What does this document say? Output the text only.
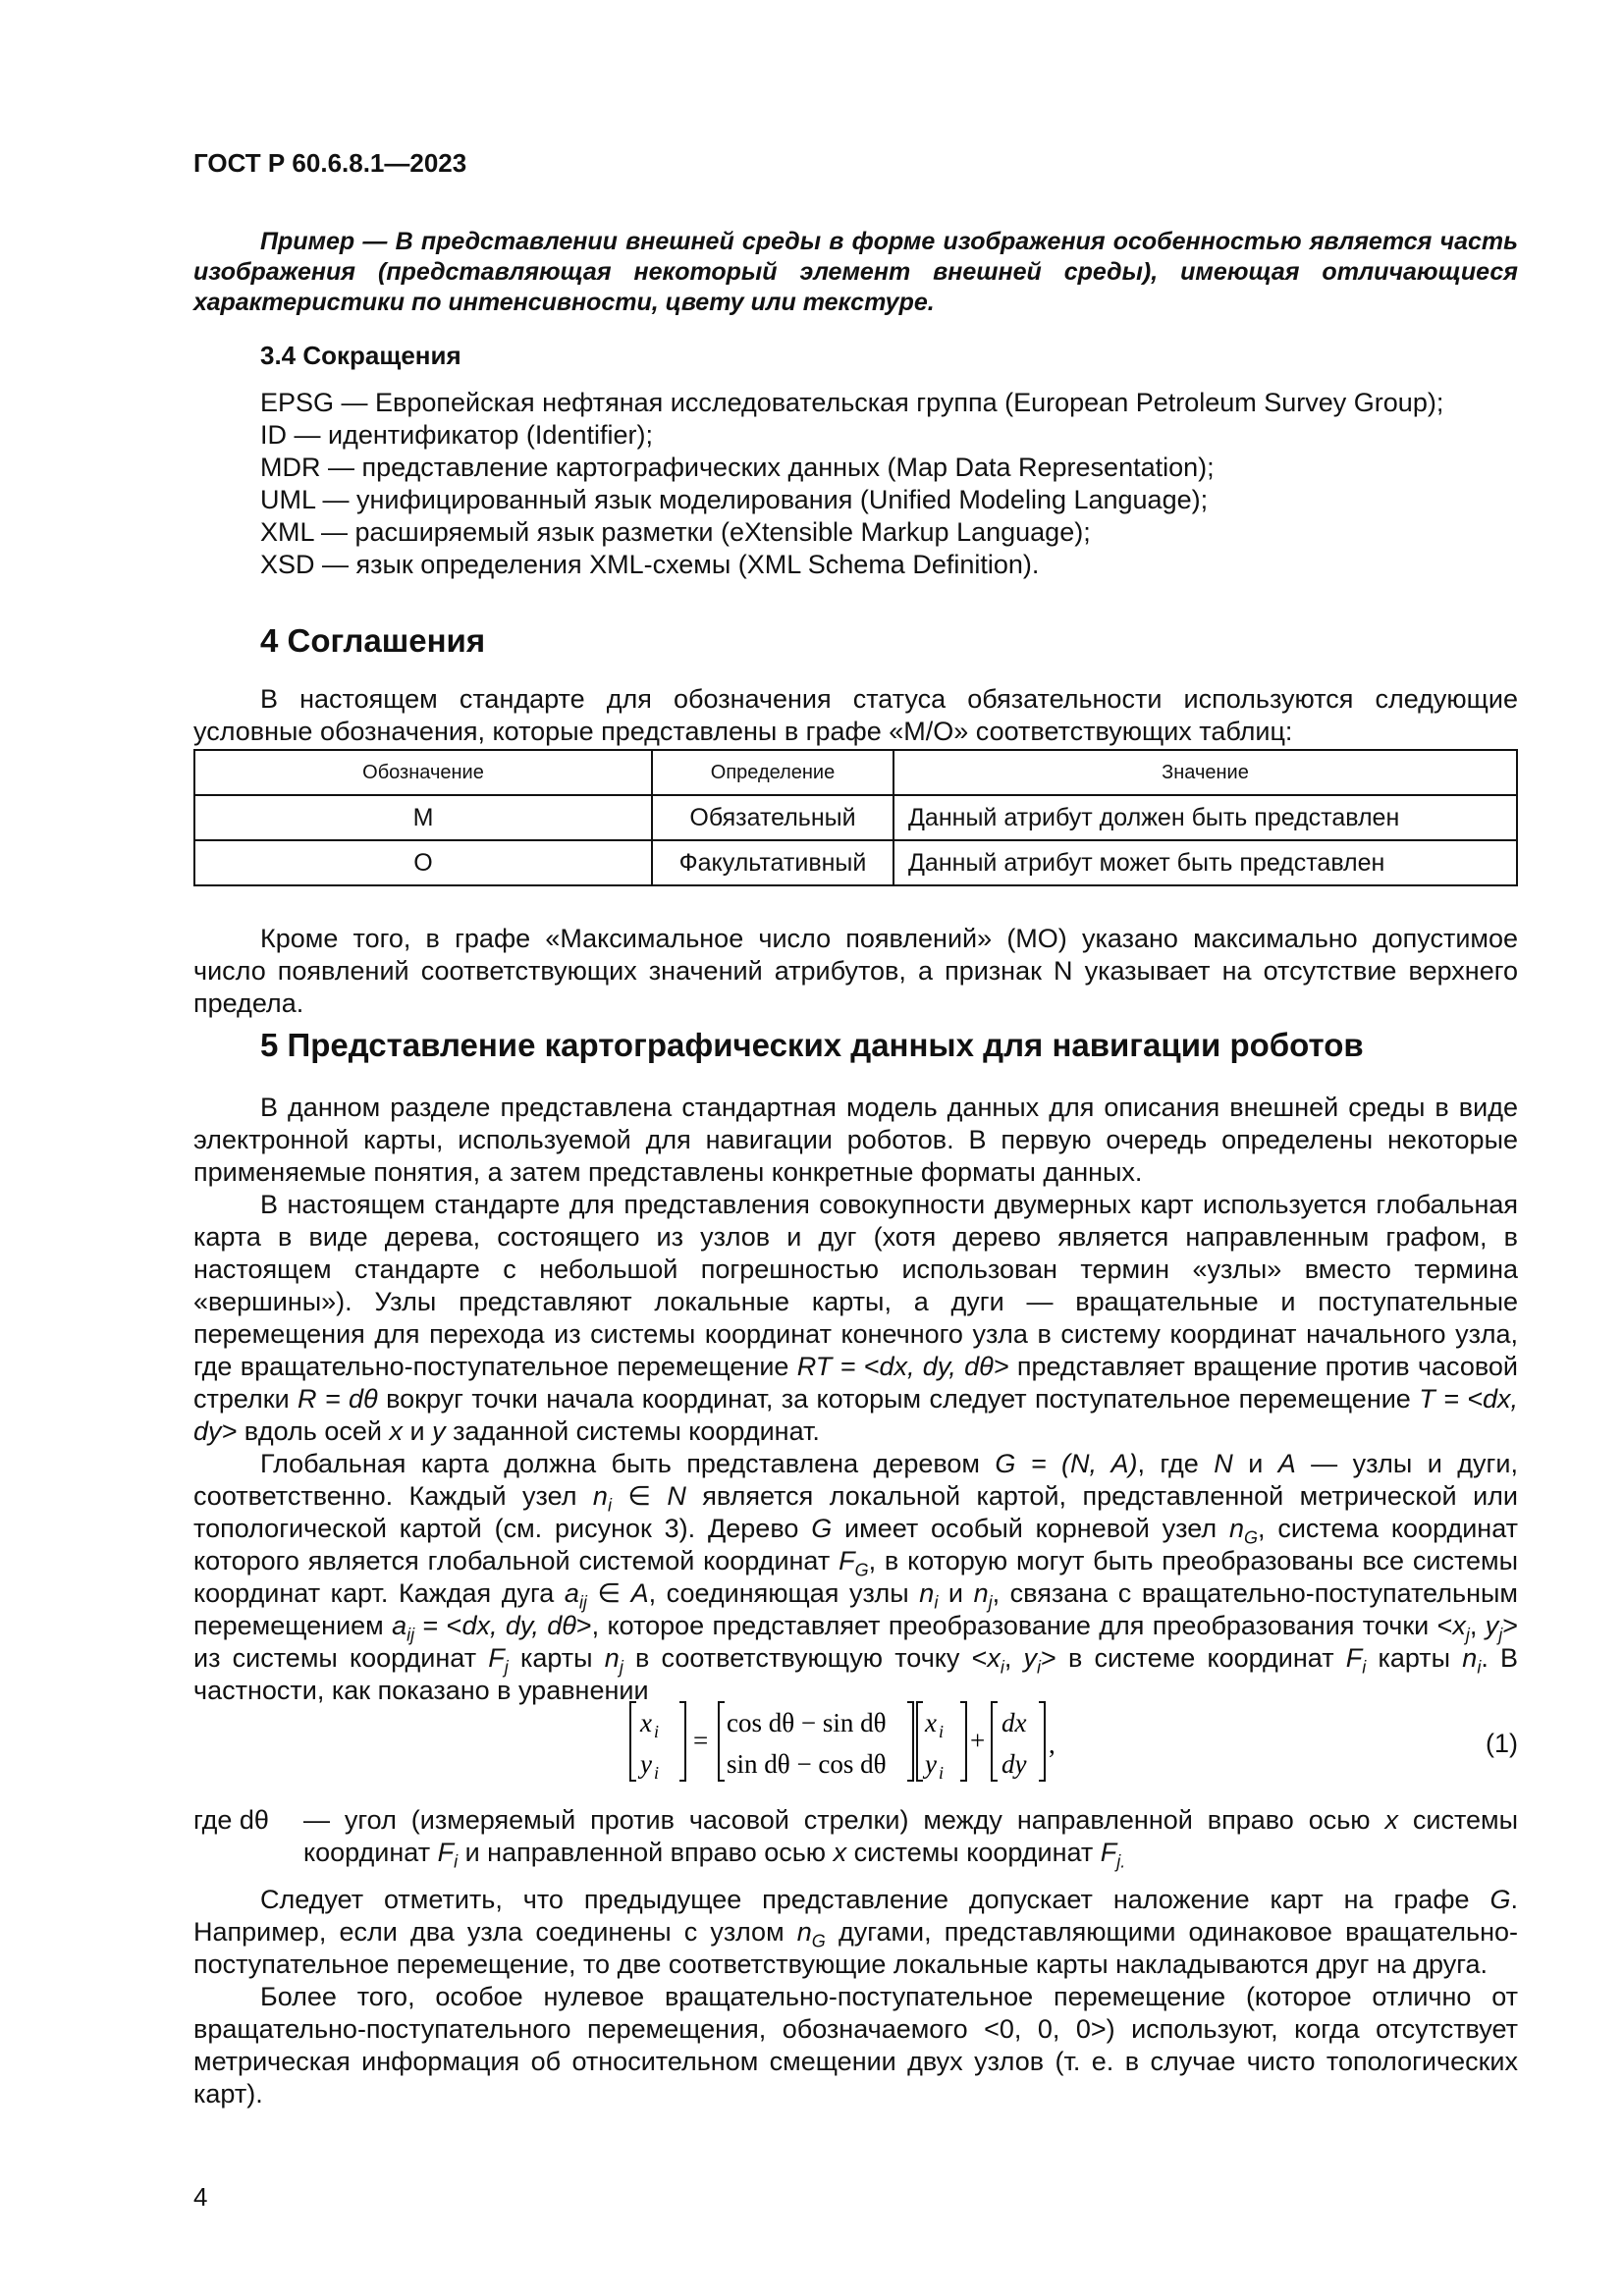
ГОСТ Р 60.6.8.1—2023
Пример — В представлении внешней среды в форме изображения особенностью является часть изображения (представляющая некоторый элемент внешней среды), имеющая отличающиеся характеристики по интенсивности, цвету или текстуре.
3.4 Сокращения
EPSG — Европейская нефтяная исследовательская группа (European Petroleum Survey Group);
ID — идентификатор (Identifier);
MDR — представление картографических данных (Map Data Representation);
UML — унифицированный язык моделирования (Unified Modeling Language);
XML — расширяемый язык разметки (eXtensible Markup Language);
XSD — язык определения XML-схемы (XML Schema Definition).
4 Соглашения

В настоящем стандарте для обозначения статуса обязательности используются следующие условные обозначения, которые представлены в графе «M/O» соответствующих таблиц:

Обозначение	Определение	Значение
M	Обязательный	Данный атрибут должен быть представлен
O	Факультативный	Данный атрибут может быть представлен

Кроме того, в графе «Максимальное число появлений» (MO) указано максимально допустимое число появлений соответствующих значений атрибутов, а признак N указывает на отсутствие верхнего предела.

5 Представление картографических данных для навигации роботов

В данном разделе представлена стандартная модель данных для описания внешней среды в виде электронной карты, используемой для навигации роботов. В первую очередь определены некоторые применяемые понятия, а затем представлены конкретные форматы данных.

В настоящем стандарте для представления совокупности двумерных карт используется глобальная карта в виде дерева, состоящего из узлов и дуг (хотя дерево является направленным графом, в настоящем стандарте с небольшой погрешностью использован термин «узлы» вместо термина «вершины»). Узлы представляют локальные карты, а дуги — вращательные и поступательные перемещения для перехода из системы координат конечного узла в систему координат начального узла, где вращательно-поступательное перемещение RT = <dx, dy, dθ> представляет вращение против часовой стрелки R = dθ вокруг точки начала координат, за которым следует поступательное перемещение T = <dx, dy> вдоль осей x и y заданной системы координат.

Глобальная карта должна быть представлена деревом G = (N, A), где N и A — узлы и дуги, соответственно. Каждый узел $n_i$ ∈ N является локальной картой, представленной метрической или топологической картой (см. рисунок 3). Дерево G имеет особый корневой узел $n_G$, система координат которого является глобальной системой координат $F_G$, в которую могут быть преобразованы все системы координат карт. Каждая дуга $a_{ij}$ ∈ A, соединяющая узлы $n_i$ и $n_j$, связана с вращательно-поступательным перемещением $a_{ij} = <dx$, dy, dθ>, которое представляет преобразование для преобразования точки $<x_j$, $y_j>$ из системы координат $F_j$ карты $n_j$ в соответствующую точку $<x_i$, $y_i> в$ системе координат $F_i$ карты $n_i$. В частности, как показано в уравнении

x i
y i
=
cos dθ − sin dθ
sin dθ − cos dθ
x i
y i
+
dx
dy
,	(1)
где dθ — угол (измеряемый против часовой стрелки) между направленной вправо осью x системы координат $F_i$ и направленной вправо осью x системы координат $F_{j.}$

Следует отметить, что предыдущее представление допускает наложение карт на графе G. Например, если два узла соединены с узлом $n_G$ дугами, представляющими одинаковое вращательно-поступательное перемещение, то две соответствующие локальные карты накладываются друг на друга.

Более того, особое нулевое вращательно-поступательное перемещение (которое отлично от вращательно-поступательного перемещения, обозначаемого <0, 0, 0>) используют, когда отсутствует метрическая информация об относительном смещении двух узлов (т. е. в случае чисто топологических карт).

4
